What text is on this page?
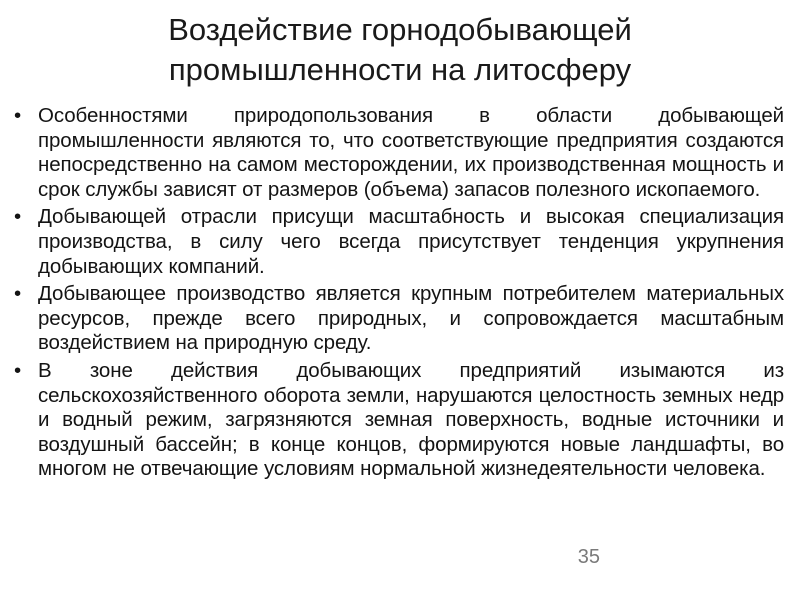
Воздействие горнодобывающей промышленности на литосферу
• Особенностями природопользования в области добывающей промышленности являются то, что соответствующие предприятия создаются непосредственно на самом месторождении, их производственная мощность и срок службы зависят от размеров (объема) запасов полезного ископаемого.
• Добывающей отрасли присущи масштабность и высокая специализация производства, в силу чего всегда присутствует тенденция укрупнения добывающих компаний.
• Добывающее производство является крупным потребителем материальных ресурсов, прежде всего природных, и сопровождается масштабным воздействием на природную среду.
• В зоне действия добывающих предприятий изымаются из сельскохозяйственного оборота земли, нарушаются целостность земных недр и водный режим, загрязняются земная поверхность, водные источники и воздушный бассейн; в конце концов, формируются новые ландшафты, во многом не отвечающие условиям нормальной жизнедеятельности человека.
35
